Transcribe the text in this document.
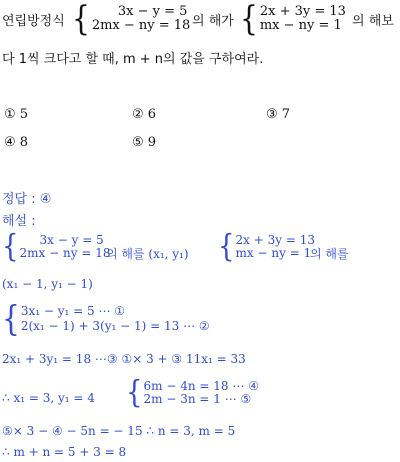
연립방정식 {	3x − y = 5
2mx − ny = 18 의 해가 { 2x + 3y = 13
mx − ny = 1 의 해보
다 1씩 크다고 할 때, m + n의 값을 구하여라.
① 5	② 6	③ 7
④ 8	⑤ 9
정답 : ④
해설 :
{	3x − y = 5
2mx − ny = 18
의 해를 (x₁, y₁) { 2x + 3y = 13
mx − ny = 1
의 해를
(x₁ − 1, y₁ − 1)
{ 3x₁ − y₁ = 5 ⋯ ①
2(x₁ − 1) + 3(y₁ − 1) = 13 ⋯ ②
2x₁ + 3y₁ = 18 ⋯③ ①× 3 + ③ 11x₁ = 33
∴ x₁ = 3, y₁ = 4 { 6m − 4n = 18 ⋯ ④
2m − 3n = 1 ⋯ ⑤
⑤× 3 − ④ − 5n = − 15 ∴ n = 3, m = 5
∴ m + n = 5 + 3 = 8
